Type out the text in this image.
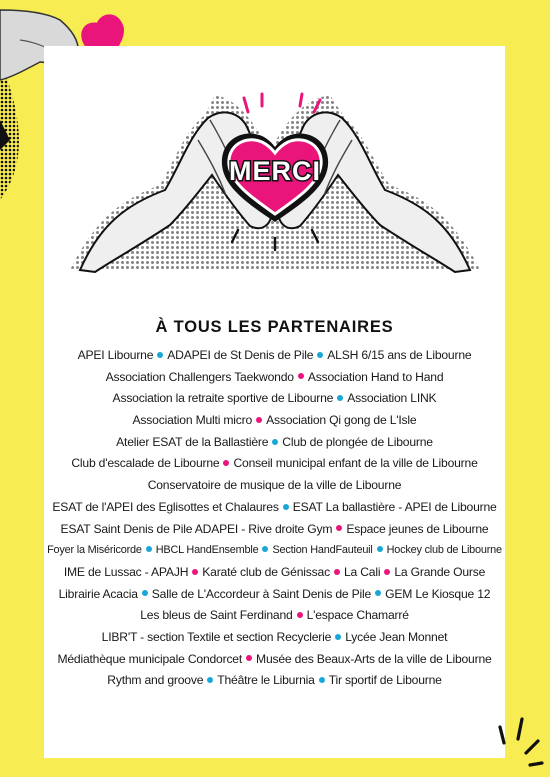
MERCI
À TOUS LES PARTENAIRES
APEI Libourne ADAPEI de St Denis de Pile ALSH 6/15 ans de Libourne
Association Challengers Taekwondo Association Hand to Hand
Association la retraite sportive de Libourne Association LINK
Association Multi micro Association Qi gong de L'Isle
Atelier ESAT de la Ballastière Club de plongée de Libourne
Club d'escalade de Libourne Conseil municipal enfant de la ville de Libourne
Conservatoire de musique de la ville de Libourne
ESAT de l'APEI des Eglisottes et Chalaures ESAT La ballastière - APEI de Libourne
ESAT Saint Denis de Pile ADAPEI - Rive droite Gym Espace jeunes de Libourne
Foyer la Miséricorde HBCL HandEnsemble Section HandFauteuil Hockey club de Libourne
IME de Lussac - APAJH Karaté club de Génissac La Cali La Grande Ourse
Librairie Acacia Salle de L'Accordeur à Saint Denis de Pile GEM Le Kiosque 12
Les bleus de Saint Ferdinand L'espace Chamarré
LIBR'T - section Textile et section Recyclerie Lycée Jean Monnet
Médiathèque municipale Condorcet Musée des Beaux-Arts de la ville de Libourne
Rythm and groove Théâtre le Liburnia Tir sportif de Libourne
